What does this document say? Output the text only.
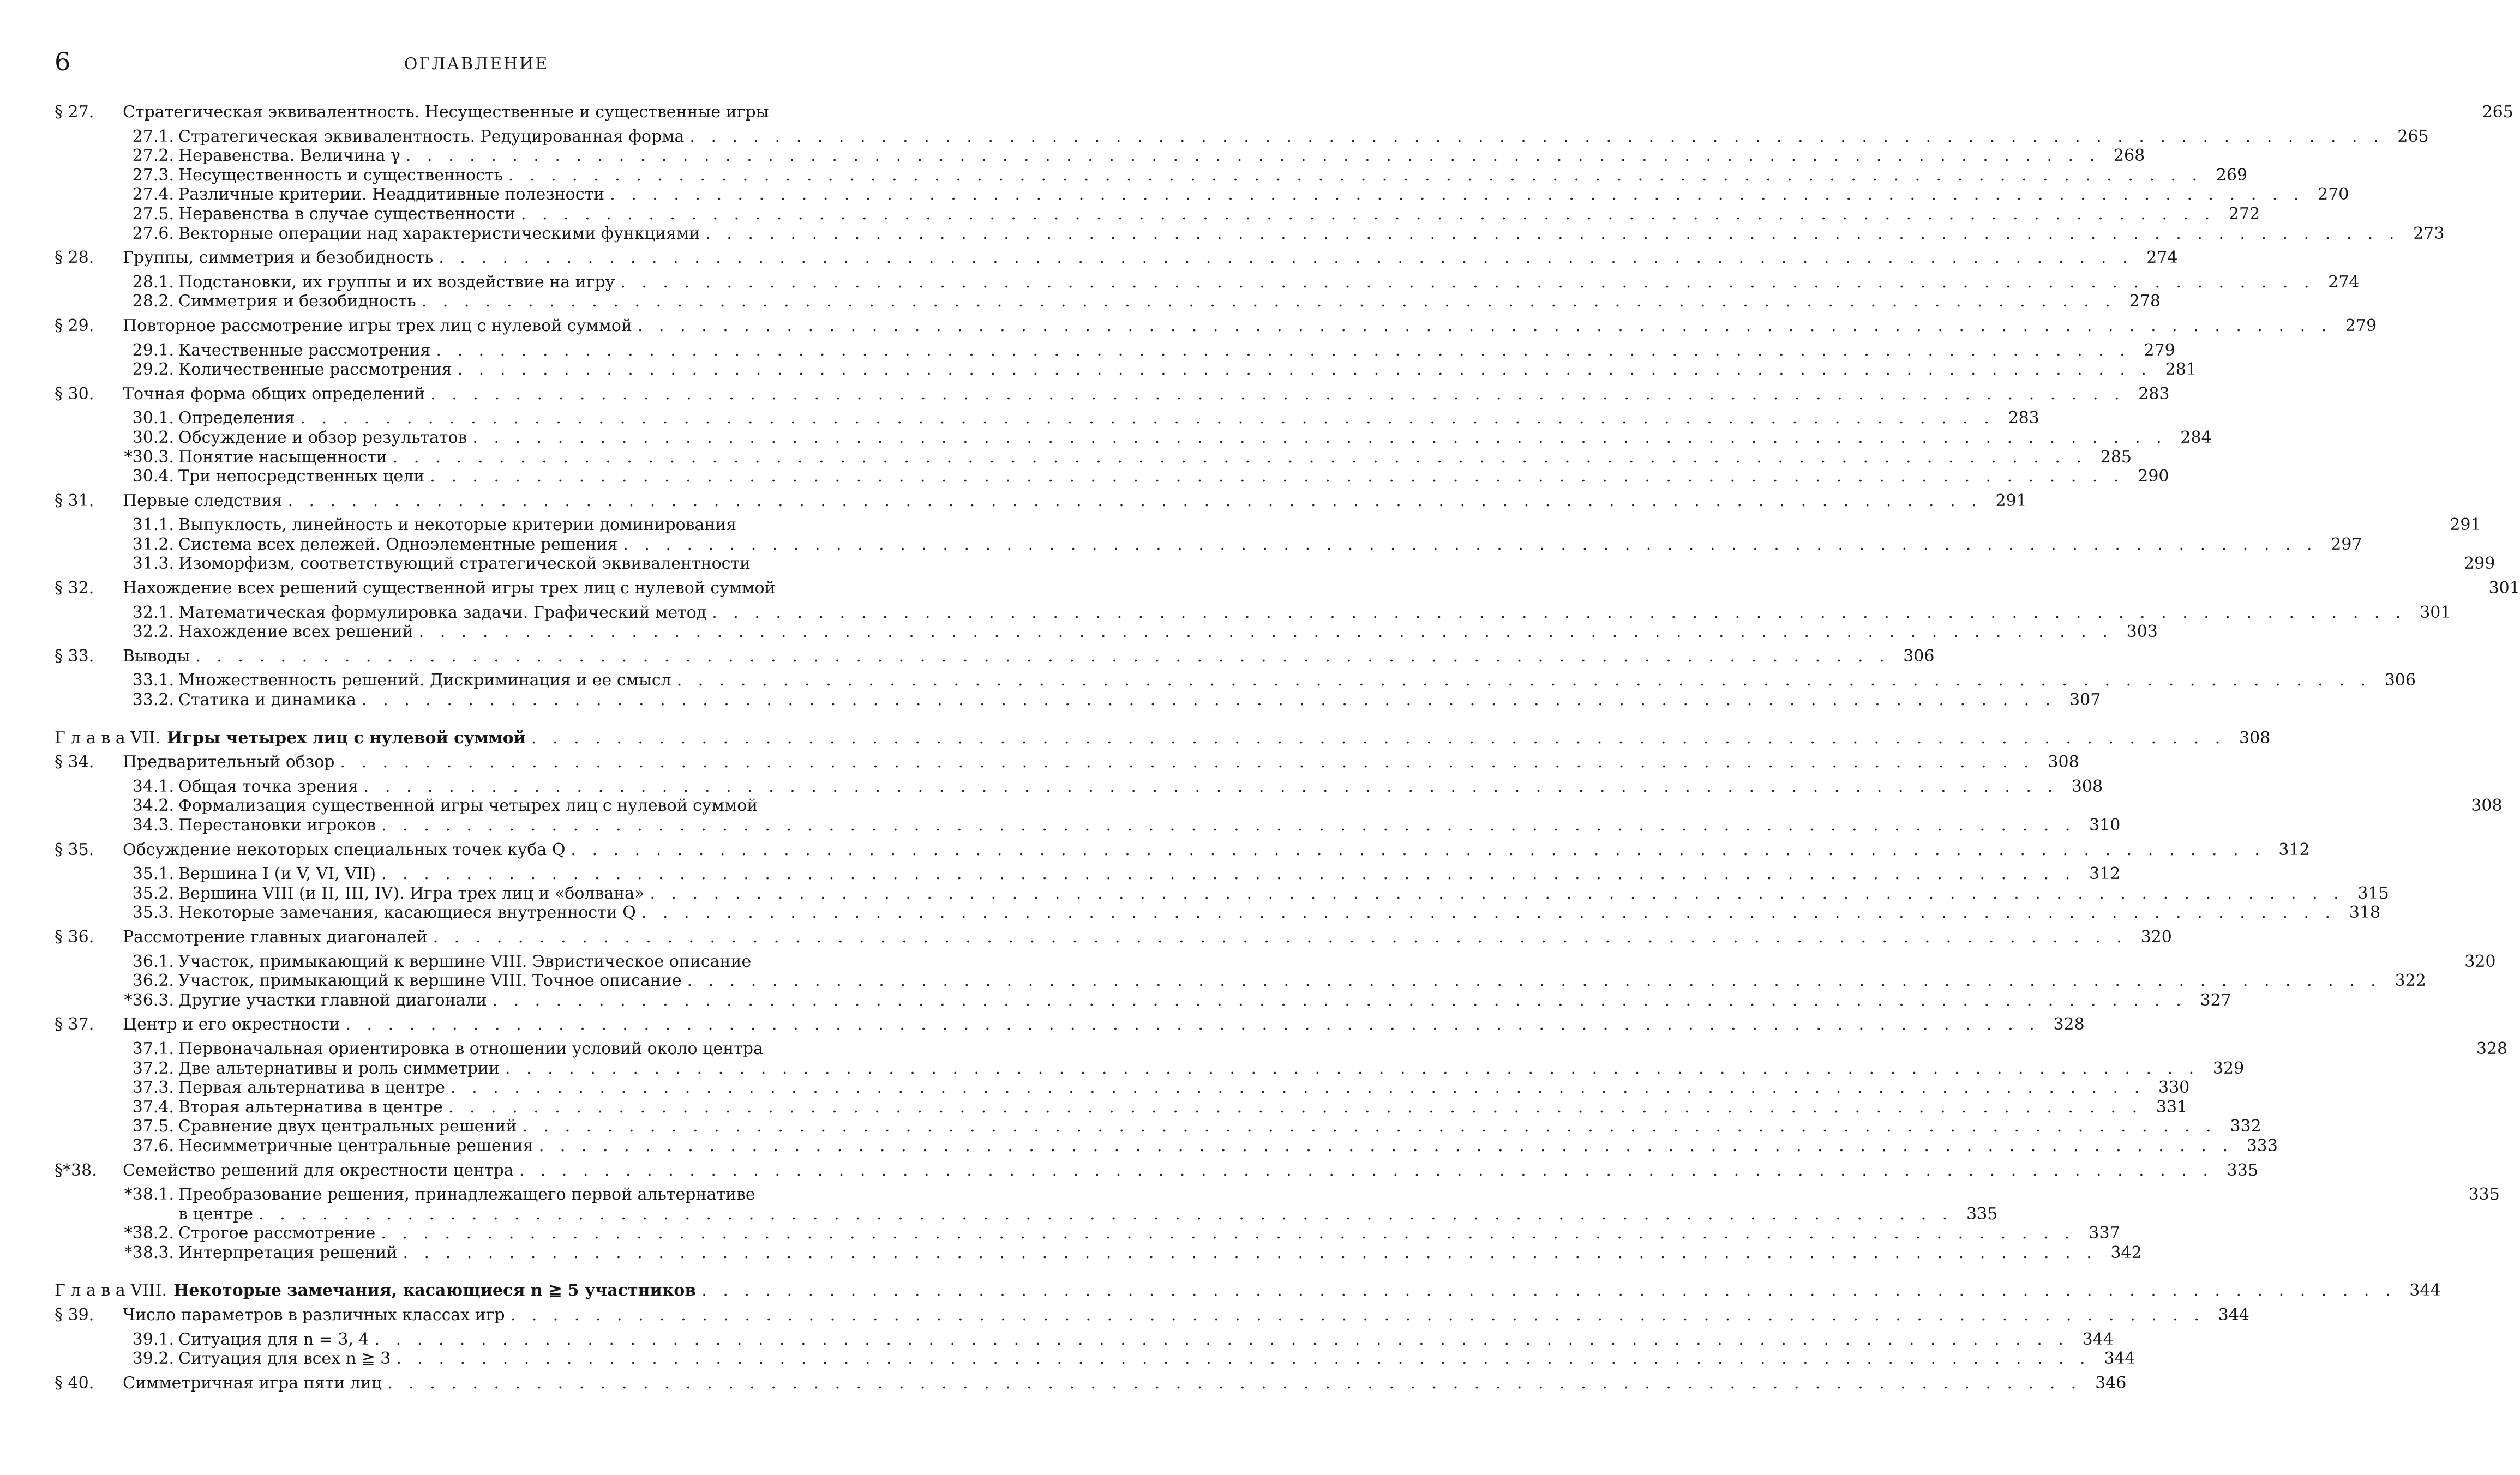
6	ОГЛАВЛЕНИЕ
§ 27.	Стратегическая эквивалентность. Несущественные и существенные игры	265
27.1. Стратегическая эквивалентность. Редуцированная форма . . .	265
27.2. Неравенства. Величина γ . . .	268
27.3. Несущественность и существенность . . .	269
27.4. Различные критерии. Неаддитивные полезности . . .	270
27.5. Неравенства в случае существенности . . .	272
27.6. Векторные операции над характеристическими функциями . . .	273
§ 28.	Группы, симметрия и безобидность . . .	274
28.1. Подстановки, их группы и их воздействие на игру . . .	274
28.2. Симметрия и безобидность . . .	278
§ 29.	Повторное рассмотрение игры трех лиц с нулевой суммой . . .	279
29.1. Качественные рассмотрения . . .	279
29.2. Количественные рассмотрения . . .	281
§ 30.	Точная форма общих определений . . .	283
30.1. Определения . . .	283
30.2. Обсуждение и обзор результатов . . .	284
*30.3. Понятие насыщенности . . .	285
30.4. Три непосредственных цели . . .	290
§ 31.	Первые следствия . . .	291
31.1. Выпуклость, линейность и некоторые критерии доминирования	291
31.2. Система всех дележей. Одноэлементные решения . . .	297
31.3. Изоморфизм, соответствующий стратегической эквивалентности	299
§ 32.	Нахождение всех решений существенной игры трех лиц с нулевой суммой	301
32.1. Математическая формулировка задачи. Графический метод . . .	301
32.2. Нахождение всех решений . . .	303
§ 33.	Выводы . . .	306
33.1. Множественность решений. Дискриминация и ее смысл . . .	306
33.2. Статика и динамика . . .	307
Г л а в а VII. Игры четырех лиц с нулевой суммой . . .	308
§ 34.	Предварительный обзор . . .	308
34.1. Общая точка зрения . . .	308
34.2. Формализация существенной игры четырех лиц с нулевой суммой	308
34.3. Перестановки игроков . . .	310
§ 35.	Обсуждение некоторых специальных точек куба Q . . .	312
35.1. Вершина I (и V, VI, VII) . . .	312
35.2. Вершина VIII (и II, III, IV). Игра трех лиц и «болвана» . . .	315
35.3. Некоторые замечания, касающиеся внутренности Q . . .	318
§ 36.	Рассмотрение главных диагоналей . . .	320
36.1. Участок, примыкающий к вершине VIII. Эвристическое описание	320
36.2. Участок, примыкающий к вершине VIII. Точное описание . . .	322
*36.3. Другие участки главной диагонали . . .	327
§ 37.	Центр и его окрестности . . .	328
37.1. Первоначальная ориентировка в отношении условий около центра	328
37.2. Две альтернативы и роль симметрии . . .	329
37.3. Первая альтернатива в центре . . .	330
37.4. Вторая альтернатива в центре . . .	331
37.5. Сравнение двух центральных решений . . .	332
37.6. Несимметричные центральные решения . . .	333
§*38.	Семейство решений для окрестности центра . . .	335
*38.1. Преобразование решения, принадлежащего первой альтернативе	335
в центре . . .	335
*38.2. Строгое рассмотрение . . .	337
*38.3. Интерпретация решений . . .	342
Г л а в а VIII. Некоторые замечания, касающиеся n ≧ 5 участников . . .	344
§ 39.	Число параметров в различных классах игр . . .	344
39.1. Ситуация для n = 3, 4 . . .	344
39.2. Ситуация для всех n ≧ 3 . . .	344
§ 40.	Симметричная игра пяти лиц . . .	346
